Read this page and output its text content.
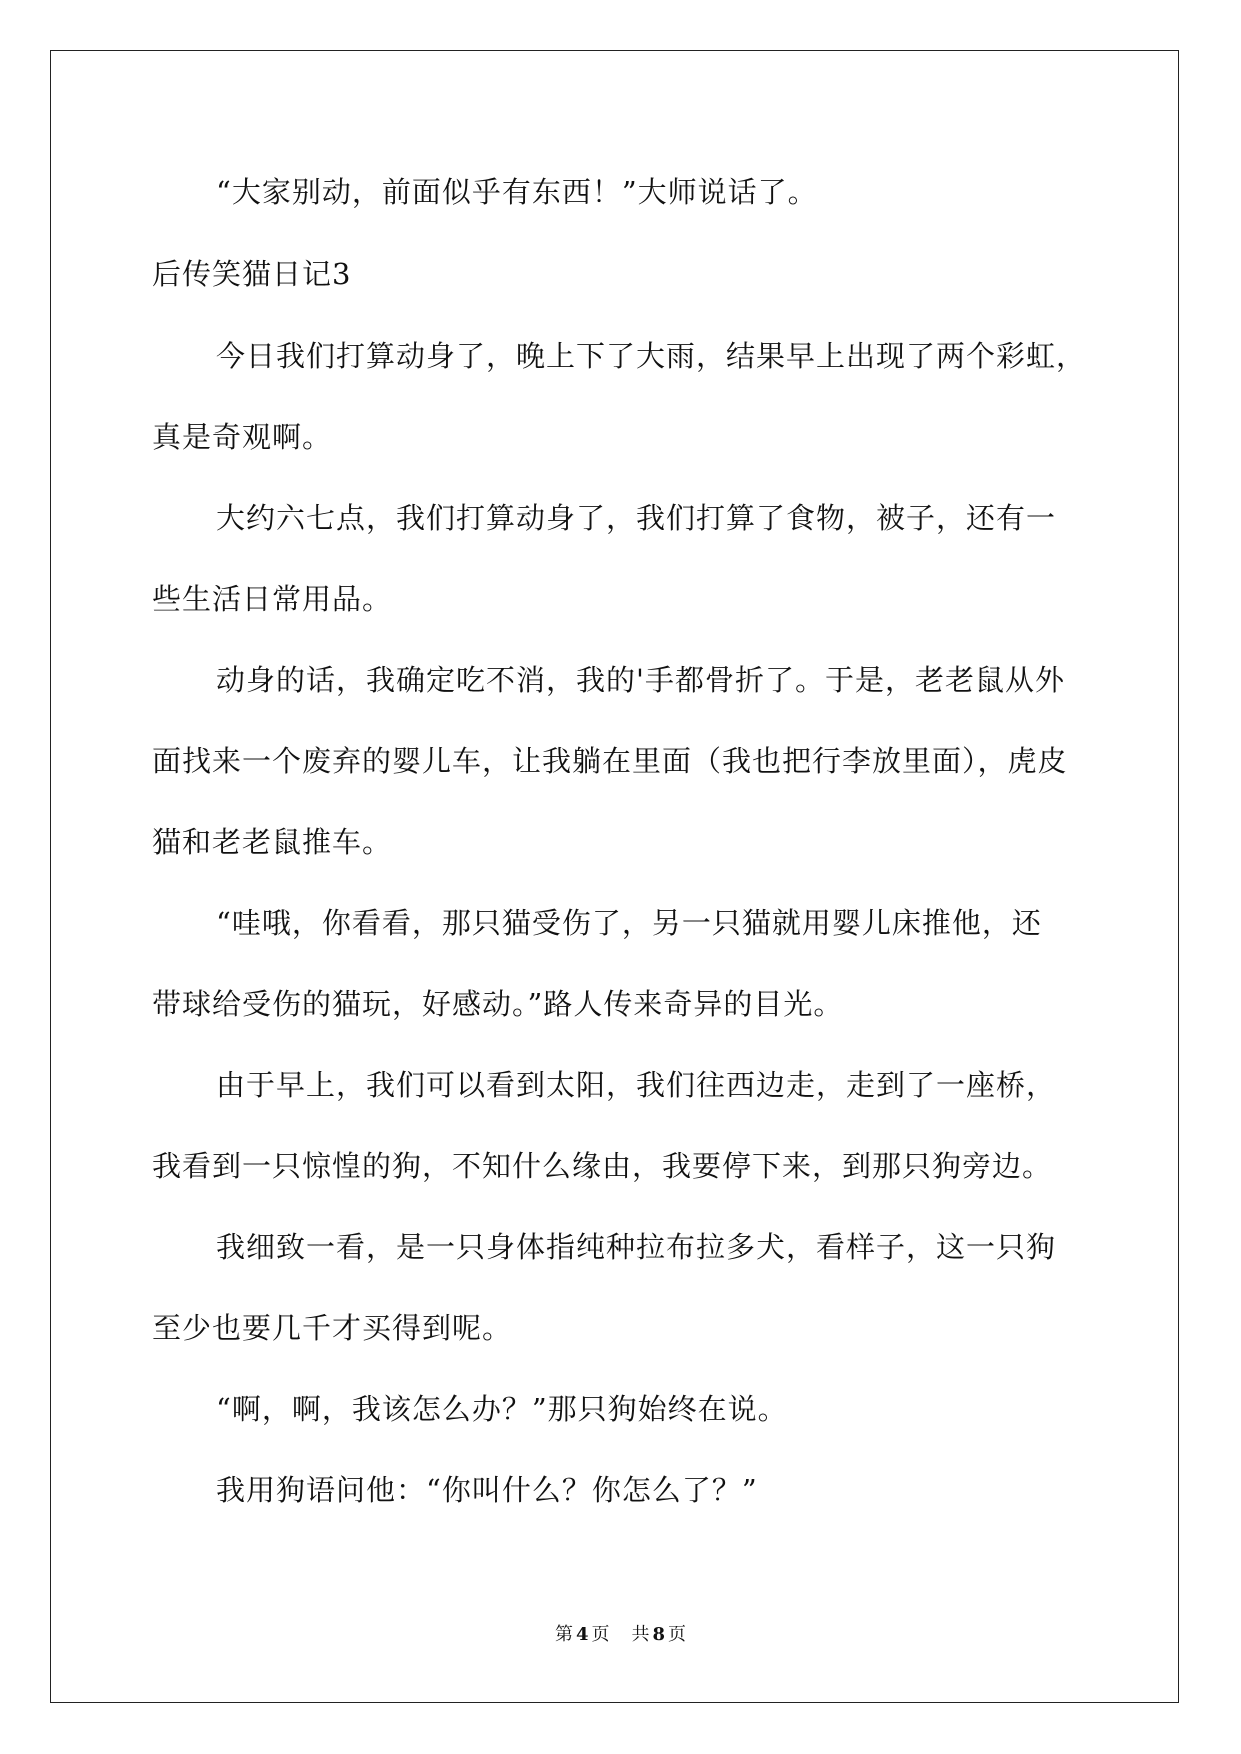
“大家别动，前面似乎有东西！”大师说话了。
后传笑猫日记3
今日我们打算动身了，晚上下了大雨，结果早上出现了两个彩虹，
真是奇观啊。
大约六七点，我们打算动身了，我们打算了食物，被子，还有一
些生活日常用品。
动身的话，我确定吃不消，我的'手都骨折了。于是，老老鼠从外
面找来一个废弃的婴儿车，让我躺在里面（我也把行李放里面），虎皮
猫和老老鼠推车。
“哇哦，你看看，那只猫受伤了，另一只猫就用婴儿床推他，还
带球给受伤的猫玩，好感动。”路人传来奇异的目光。
由于早上，我们可以看到太阳，我们往西边走，走到了一座桥，
我看到一只惊惶的狗，不知什么缘由，我要停下来，到那只狗旁边。
我细致一看，是一只身体指纯种拉布拉多犬，看样子，这一只狗
至少也要几千才买得到呢。
“啊，啊，我该怎么办？”那只狗始终在说。
我用狗语问他：“你叫什么？你怎么了？”
第 4 页 共 8 页
